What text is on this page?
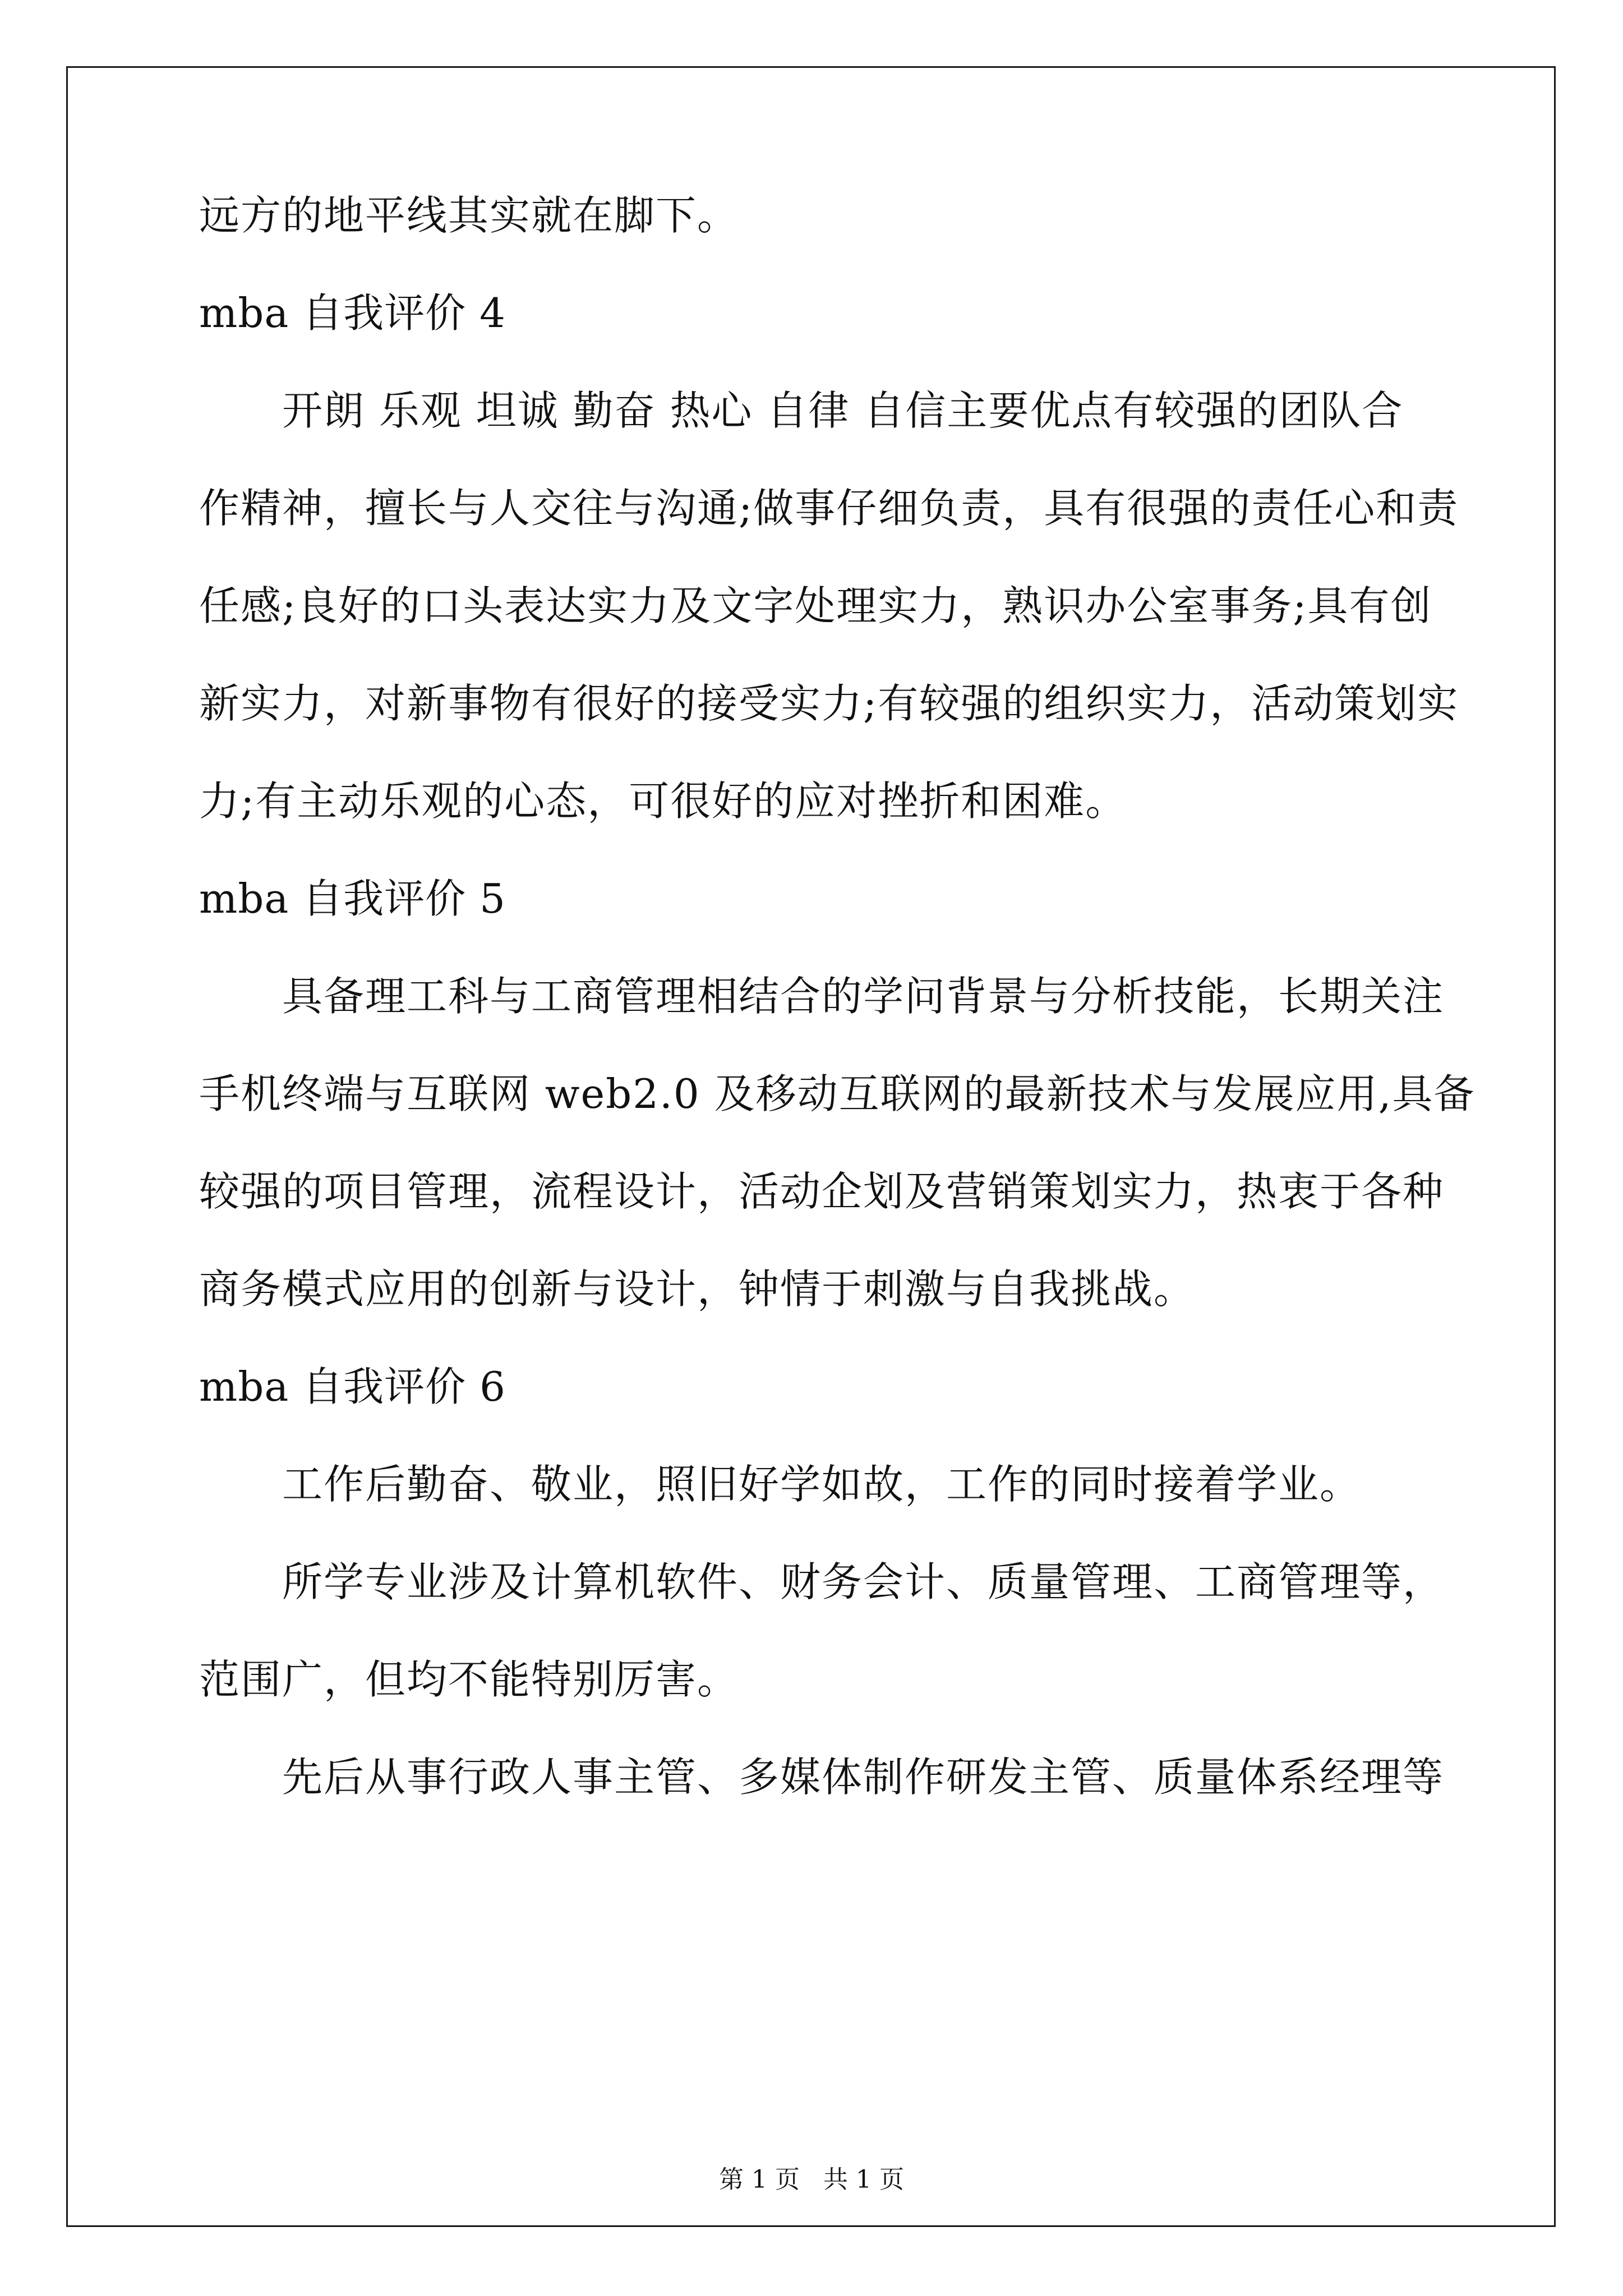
远方的地平线其实就在脚下。
mba 自我评价 4
开朗 乐观 坦诚 勤奋 热心 自律 自信主要优点有较强的团队合
作精神，擅长与人交往与沟通;做事仔细负责，具有很强的责任心和责
任感;良好的口头表达实力及文字处理实力，熟识办公室事务;具有创
新实力，对新事物有很好的接受实力;有较强的组织实力，活动策划实
力;有主动乐观的心态，可很好的应对挫折和困难。
mba 自我评价 5
具备理工科与工商管理相结合的学问背景与分析技能，长期关注
手机终端与互联网 web2.0 及移动互联网的最新技术与发展应用,具备
较强的项目管理，流程设计，活动企划及营销策划实力，热衷于各种
商务模式应用的创新与设计，钟情于刺激与自我挑战。
mba 自我评价 6
工作后勤奋、敬业，照旧好学如故，工作的同时接着学业。
所学专业涉及计算机软件、财务会计、质量管理、工商管理等，
范围广，但均不能特别厉害。
先后从事行政人事主管、多媒体制作研发主管、质量体系经理等
第 1 页   共 1 页
